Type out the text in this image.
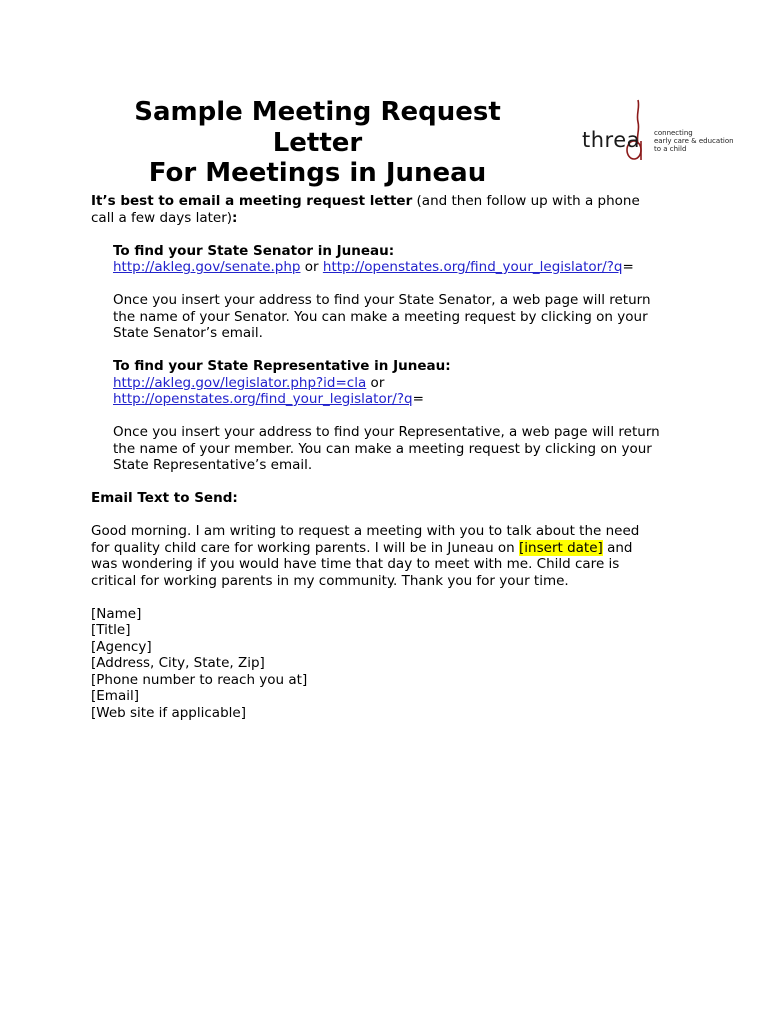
Sample Meeting Request
Letter
For Meetings in Juneau
threa connecting
early care & education
to a child

It’s best to email a meeting request letter (and then follow up with a phone
call a few days later):

To find your State Senator in Juneau:
http://akleg.gov/senate.php or http://openstates.org/find_your_legislator/?q=
Once you insert your address to find your State Senator, a web page will return
the name of your Senator. You can make a meeting request by clicking on your
State Senator’s email.
To find your State Representative in Juneau:
http://akleg.gov/legislator.php?id=cla or
http://openstates.org/find_your_legislator/?q=
Once you insert your address to find your Representative, a web page will return
the name of your member. You can make a meeting request by clicking on your
State Representative’s email.
Email Text to Send:
Good morning. I am writing to request a meeting with you to talk about the need
for quality child care for working parents. I will be in Juneau on [insert date] and
was wondering if you would have time that day to meet with me. Child care is
critical for working parents in my community. Thank you for your time.
[Name]
[Title]
[Agency]
[Address, City, State, Zip]
[Phone number to reach you at]
[Email]
[Web site if applicable]
